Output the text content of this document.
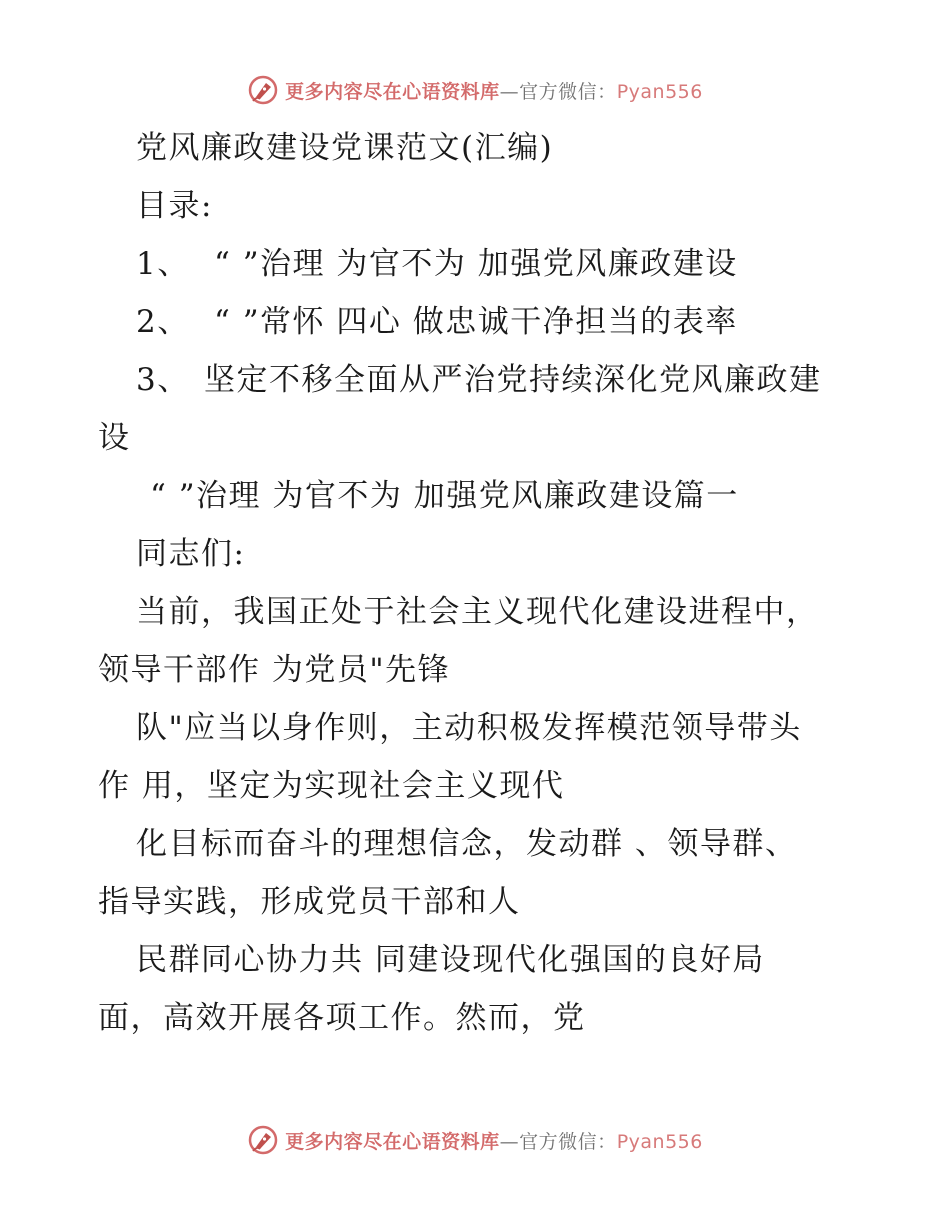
更多内容尽在心语资料库—官方微信：Pyan556
党风廉政建设党课范文(汇编)
目录:
1、 “ ”治理 为官不为 加强党风廉政建设
2、 “ ”常怀 四心 做忠诚干净担当的表率
3、 坚定不移全面从严治党持续深化党风廉政建
设
“ ”治理 为官不为 加强党风廉政建设篇一
同志们:
当前，我国正处于社会主义现代化建设进程中，
领导干部作 为党员"先锋
队"应当以身作则，主动积极发挥模范领导带头
作 用，坚定为实现社会主义现代
化目标而奋斗的理想信念，发动群 、领导群、
指导实践，形成党员干部和人
民群同心协力共 同建设现代化强国的良好局
面，高效开展各项工作。然而，党
更多内容尽在心语资料库—官方微信：Pyan556
